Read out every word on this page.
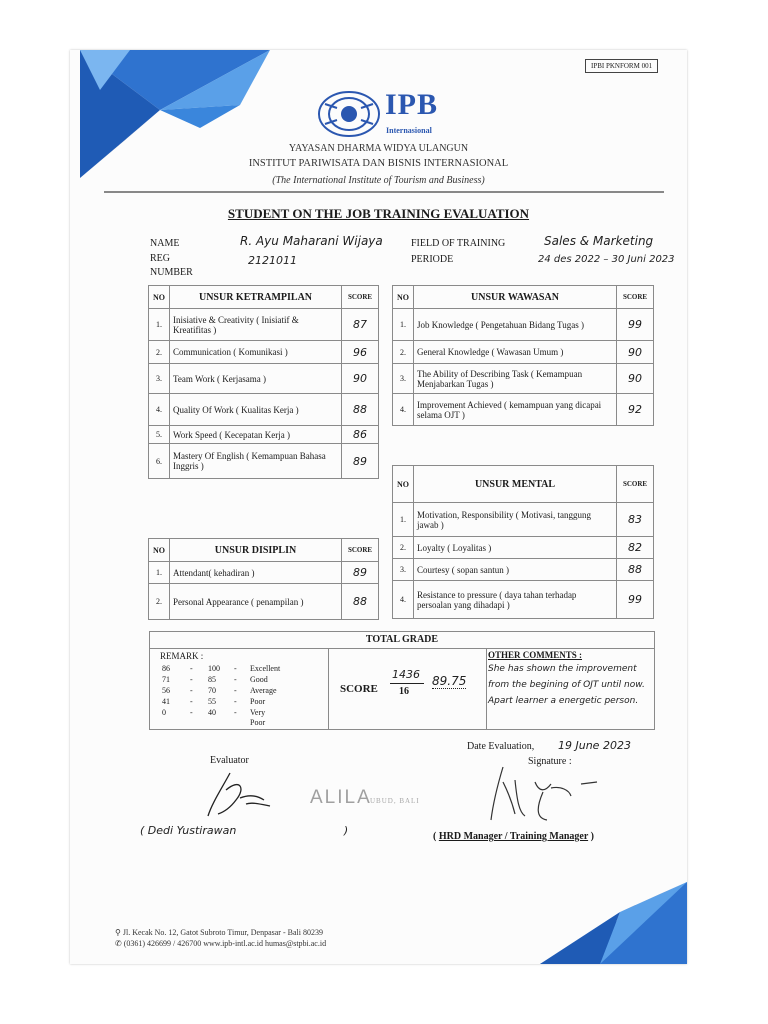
IPBI PKNFORM 001
IPB
Internasional
YAYASAN DHARMA WIDYA ULANGUN
INSTITUT PARIWISATA DAN BISNIS INTERNASIONAL
(The International Institute of Tourism and Business)
STUDENT ON THE JOB TRAINING EVALUATION
NAME	R. Ayu Maharani Wijaya
REG
NUMBER
2121011
FIELD OF TRAINING	Sales & Marketing
PERIODE	24 des 2022 – 30 Juni 2023
NO	UNSUR KETRAMPILAN	SCORE
1.	Inisiative & Creativity ( Inisiatif & Kreatifitas )	87
2.	Communication ( Komunikasi )	96
3.	Team Work ( Kerjasama )	90
4.	Quality Of Work ( Kualitas Kerja )	88
5.	Work Speed ( Kecepatan Kerja )	86
6.	Mastery Of English ( Kemampuan Bahasa Inggris )	89
NO	UNSUR WAWASAN	SCORE
1.	Job Knowledge ( Pengetahuan Bidang Tugas )	99
2.	General Knowledge ( Wawasan Umum )	90
3.	The Ability of Describing Task ( Kemampuan Menjabarkan Tugas )	90
4.	Improvement Achieved ( kemampuan yang dicapai selama OJT )	92
NO	UNSUR MENTAL	SCORE
1.	Motivation, Responsibility ( Motivasi, tanggung jawab )	83
2.	Loyalty ( Loyalitas )	82
3.	Courtesy ( sopan santun )	88
4.	Resistance to pressure ( daya tahan terhadap persoalan yang dihadapi )	99
NO	UNSUR DISIPLIN	SCORE
1.	Attendant( kehadiran )	89
2.	Personal Appearance ( penampilan )	88
TOTAL GRADE
REMARK :
86	- 100 - Excellent
71	- 85 - Good
56	- 70 - Average
41	- 55 - Poor
0	- 40 - Very Poor
SCORE
1436
16
89.75
OTHER COMMENTS :
She has shown the improvement from the begining of OJT until now. Apart learner a energetic person.
Evaluator
( Dedi Yustirawan	)
ALILA
UBUD, BALI
Date Evaluation, 19 June 2023
Signature :
( HRD Manager / Training Manager )
⚲ Jl. Kecak No. 12, Gatot Subroto Timur, Denpasar - Bali 80239
✆ (0361) 426699 / 426700 www.ipb-intl.ac.id humas@stpbi.ac.id
